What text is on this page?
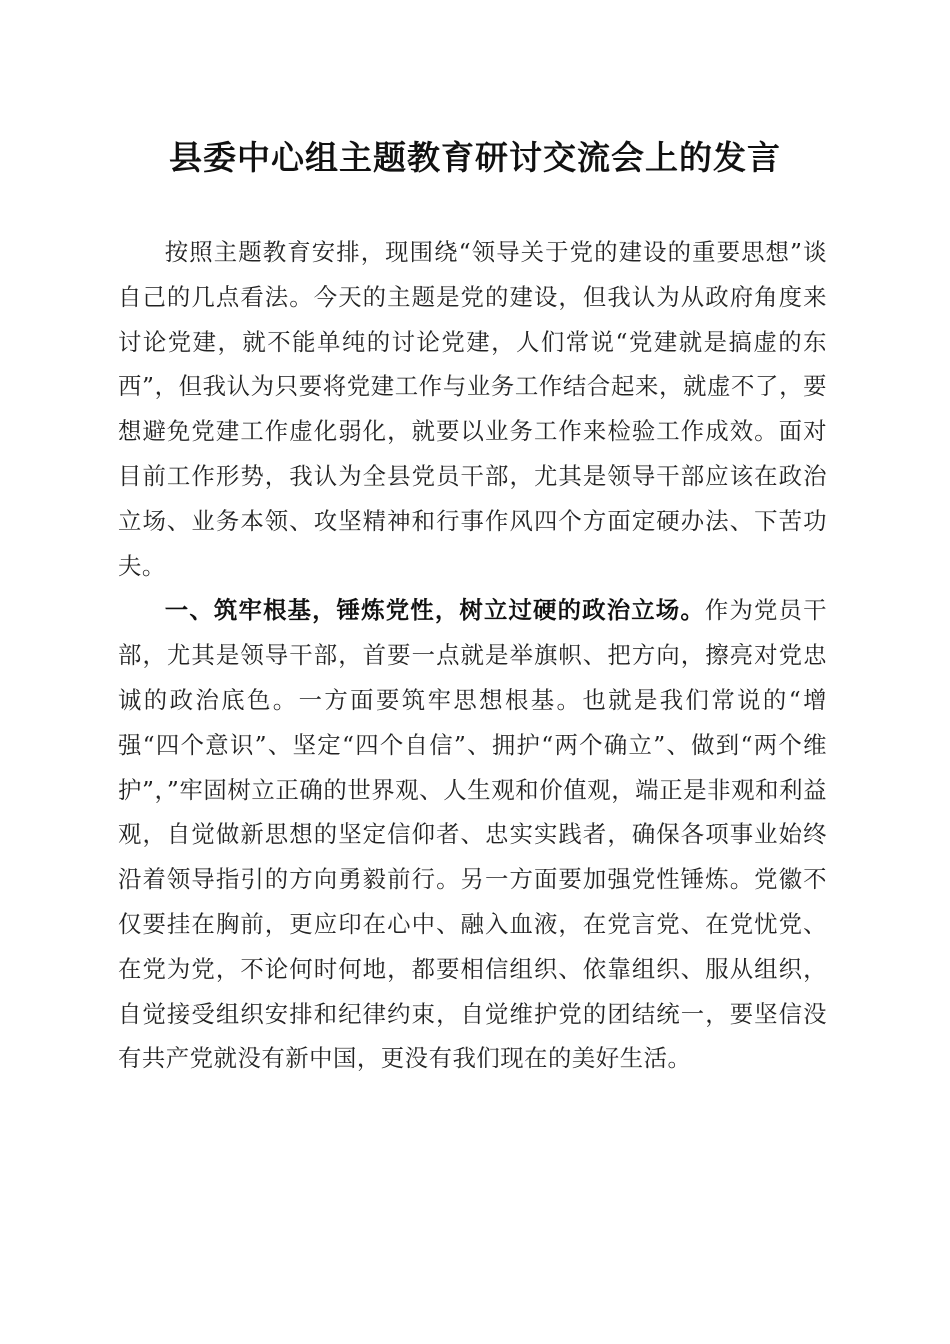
县委中心组主题教育研讨交流会上的发言

按照主题教育安排，现围绕“领导关于党的建设的重要思想”谈自己的几点看法。今天的主题是党的建设，但我认为从政府角度来讨论党建，就不能单纯的讨论党建，人们常说“党建就是搞虚的东西”，但我认为只要将党建工作与业务工作结合起来，就虚不了，要想避免党建工作虚化弱化，就要以业务工作来检验工作成效。面对目前工作形势，我认为全县党员干部，尤其是领导干部应该在政治立场、业务本领、攻坚精神和行事作风四个方面定硬办法、下苦功夫。

一、筑牢根基，锤炼党性，树立过硬的政治立场。作为党员干部，尤其是领导干部，首要一点就是举旗帜、把方向，擦亮对党忠诚的政治底色。一方面要筑牢思想根基。也就是我们常说的“增强“四个意识”、坚定“四个自信”、拥护“两个确立”、做到“两个维护”，”牢固树立正确的世界观、人生观和价值观，端正是非观和利益观，自觉做新思想的坚定信仰者、忠实实践者，确保各项事业始终沿着领导指引的方向勇毅前行。另一方面要加强党性锤炼。党徽不仅要挂在胸前，更应印在心中、融入血液，在党言党、在党忧党、在党为党，不论何时何地，都要相信组织、依靠组织、服从组织，自觉接受组织安排和纪律约束，自觉维护党的团结统一，要坚信没有共产党就没有新中国，更没有我们现在的美好生活。
